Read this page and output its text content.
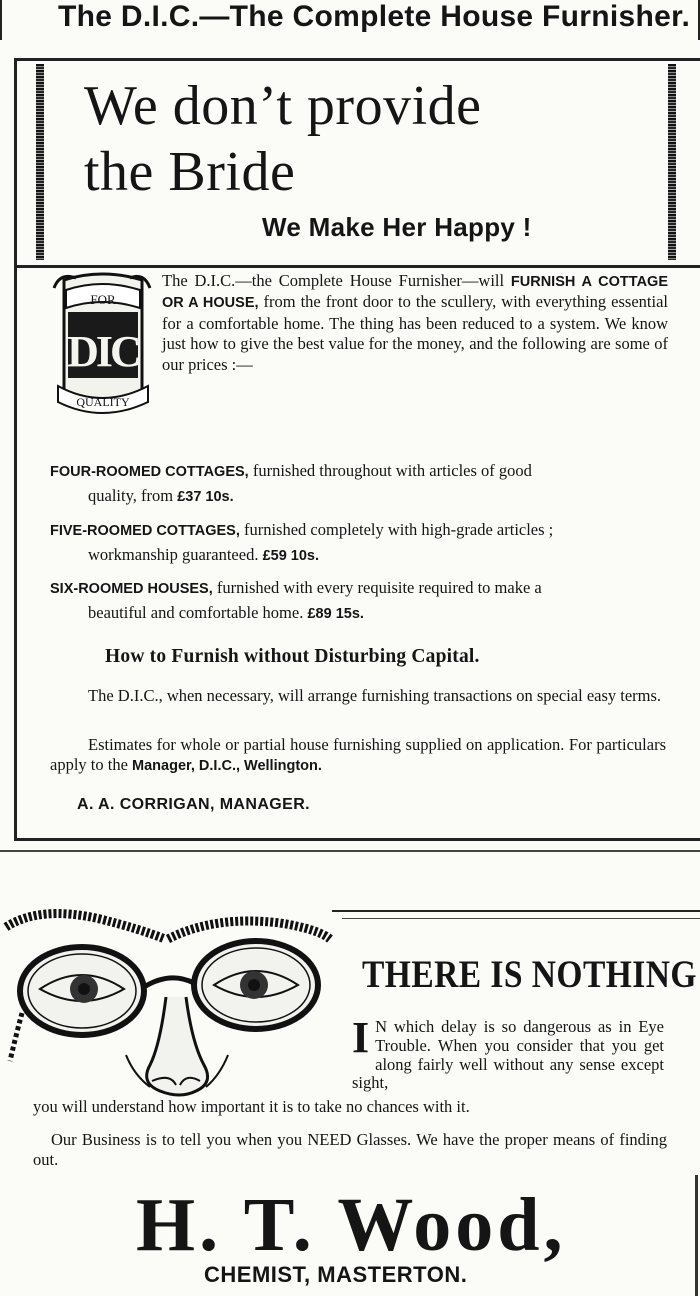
The D.I.C.—The Complete House Furnisher.
We don’t provide
the Bride
We Make Her Happy !
FOR
DIC
QUALITY
The D.I.C.—the Complete House Furnisher—will FURNISH A COTTAGE OR A HOUSE, from the front door to the scullery, with everything essential for a comfortable home. The thing has been reduced to a system. We know just how to give the best value for the money, and the following are some of our prices :—
FOUR-ROOMED COTTAGES, furnished throughout with articles of good
quality, from £37 10s.
FIVE-ROOMED COTTAGES, furnished completely with high-grade articles ;
workmanship guaranteed. £59 10s.
SIX-ROOMED HOUSES, furnished with every requisite required to make a
beautiful and comfortable home. £89 15s.
How to Furnish without Disturbing Capital.
The D.I.C., when necessary, will arrange furnishing transactions on special easy terms.
Estimates for whole or partial house furnishing supplied on application. For particulars apply to the Manager, D.I.C., Wellington.
A. A. CORRIGAN, MANAGER.
THERE IS NOTHING
I N which delay is so dangerous as in Eye Trouble. When you consider that you get along fairly well without any sense except sight,
you will understand how important it is to take no chances with it.
Our Business is to tell you when you NEED Glasses. We have the proper means of finding out.
H. T. Wood,
CHEMIST, MASTERTON.
